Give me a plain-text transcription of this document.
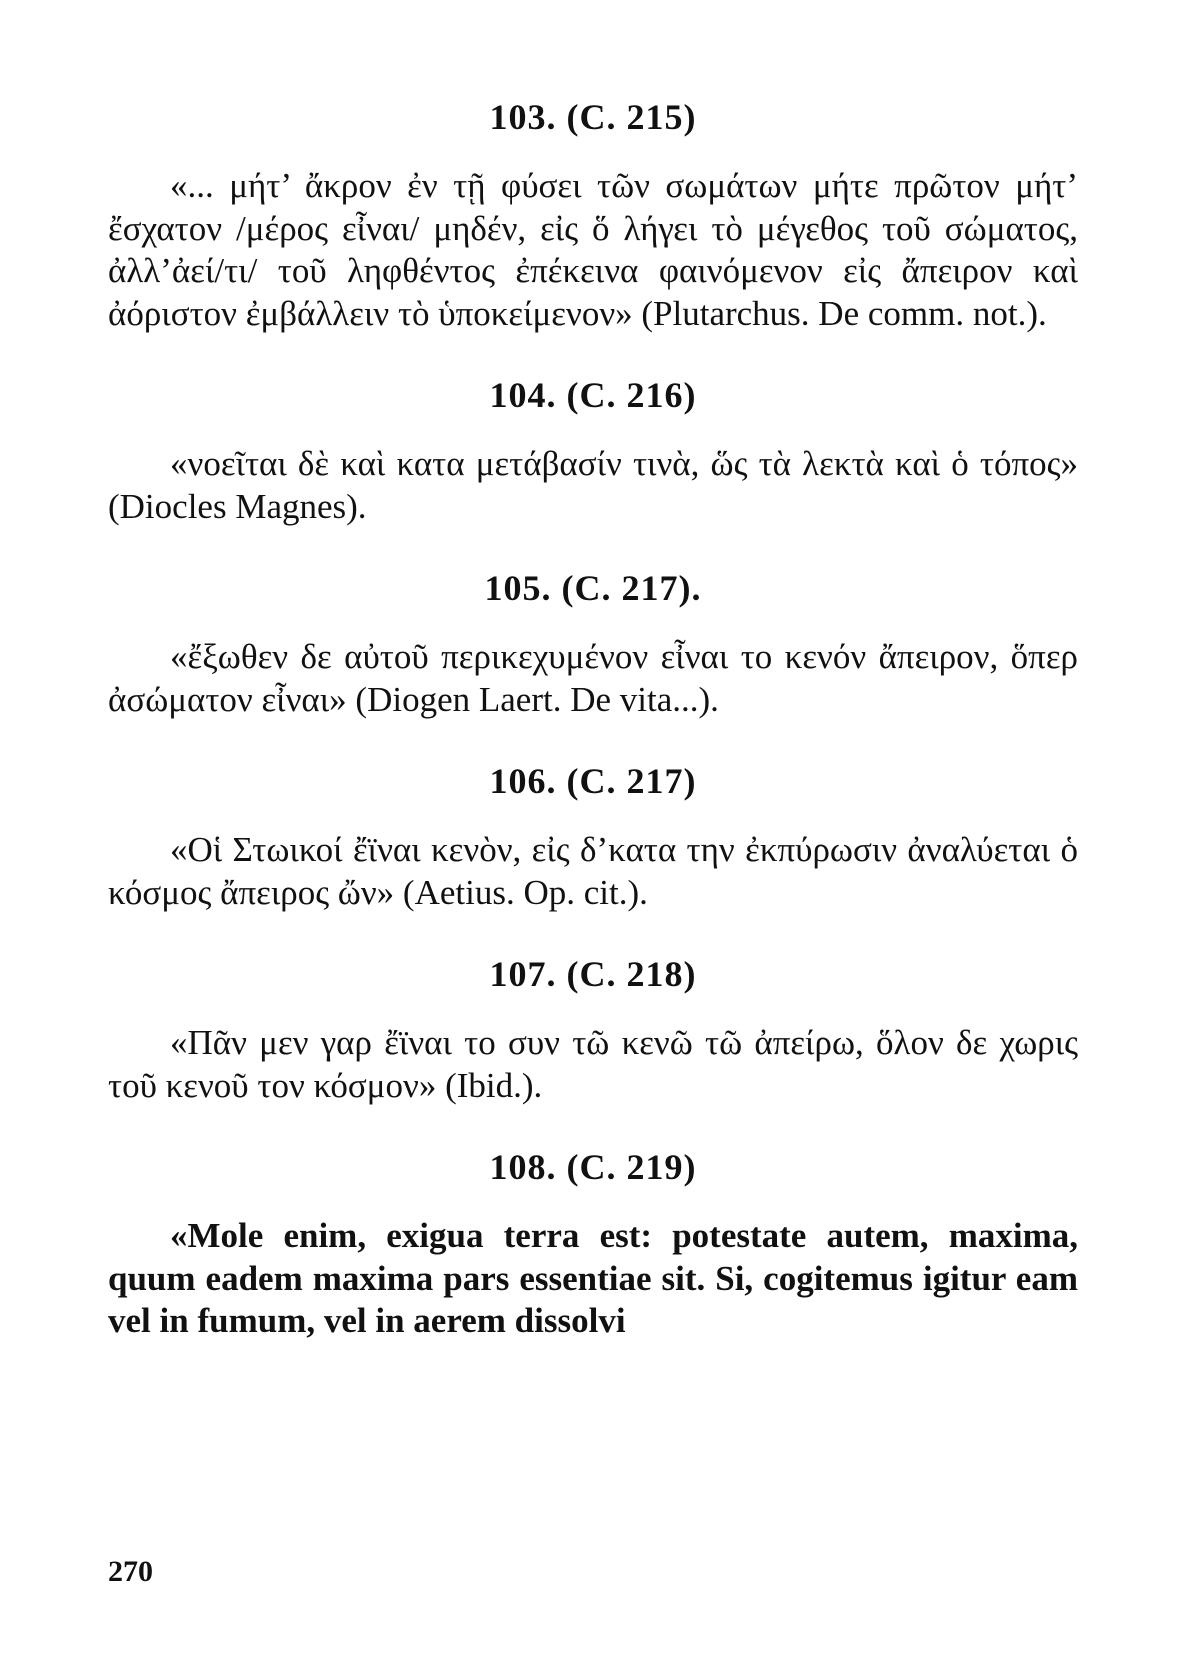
103. (C. 215)

«... μήτ’ ἄκρον ἐν τῇ φύσει τῶν σωμάτων μήτε πρῶτον μήτ’ ἔσχατον /μέρος εἶναι/ μηδέν, εἰς ὅ λήγει τὸ μέγεθος τοῦ σώματος, ἀλλ’ἀεί/τι/ τοῦ ληφθέντος ἐπέκεινα φαινόμενον εἰς ἄπειρον καὶ ἀόριστον ἐμβάλλειν τὸ ὑποκείμενον» (Plutarchus. De comm. not.).

104. (C. 216)

«νοεῖται δὲ καὶ κατα μετάβασίν τινὰ, ὥς τὰ λεκτὰ καὶ ὁ τόπος» (Diocles Magnes).

105. (C. 217).

«ἔξωθεν δε αὐτοῦ περικεχυμένον εἶναι το κενόν ἄπειρον, ὅπερ ἀσώματον εἶναι» (Diogen Laert. De vita...).

106. (C. 217)

«Οἱ Στωικοί ἔϊναι κενὸν, εἰς δ’κατα την ἐκπύρωσιν ἀναλύεται ὁ κόσμος ἄπειρος ὤν» (Aetius. Op. cit.).

107. (C. 218)

«Πᾶν μεν γαρ ἔϊναι το συν τῶ κενῶ τῶ ἀπείρω, ὅλον δε χωρις τοῦ κενοῦ τον κόσμον» (Ibid.).

108. (C. 219)

«Mole enim, exigua terra est: potestate autem, maxima, quum eadem maxima pars essentiae sit. Si, cogitemus igitur eam vel in fumum, vel in aerem dissolvi

270
